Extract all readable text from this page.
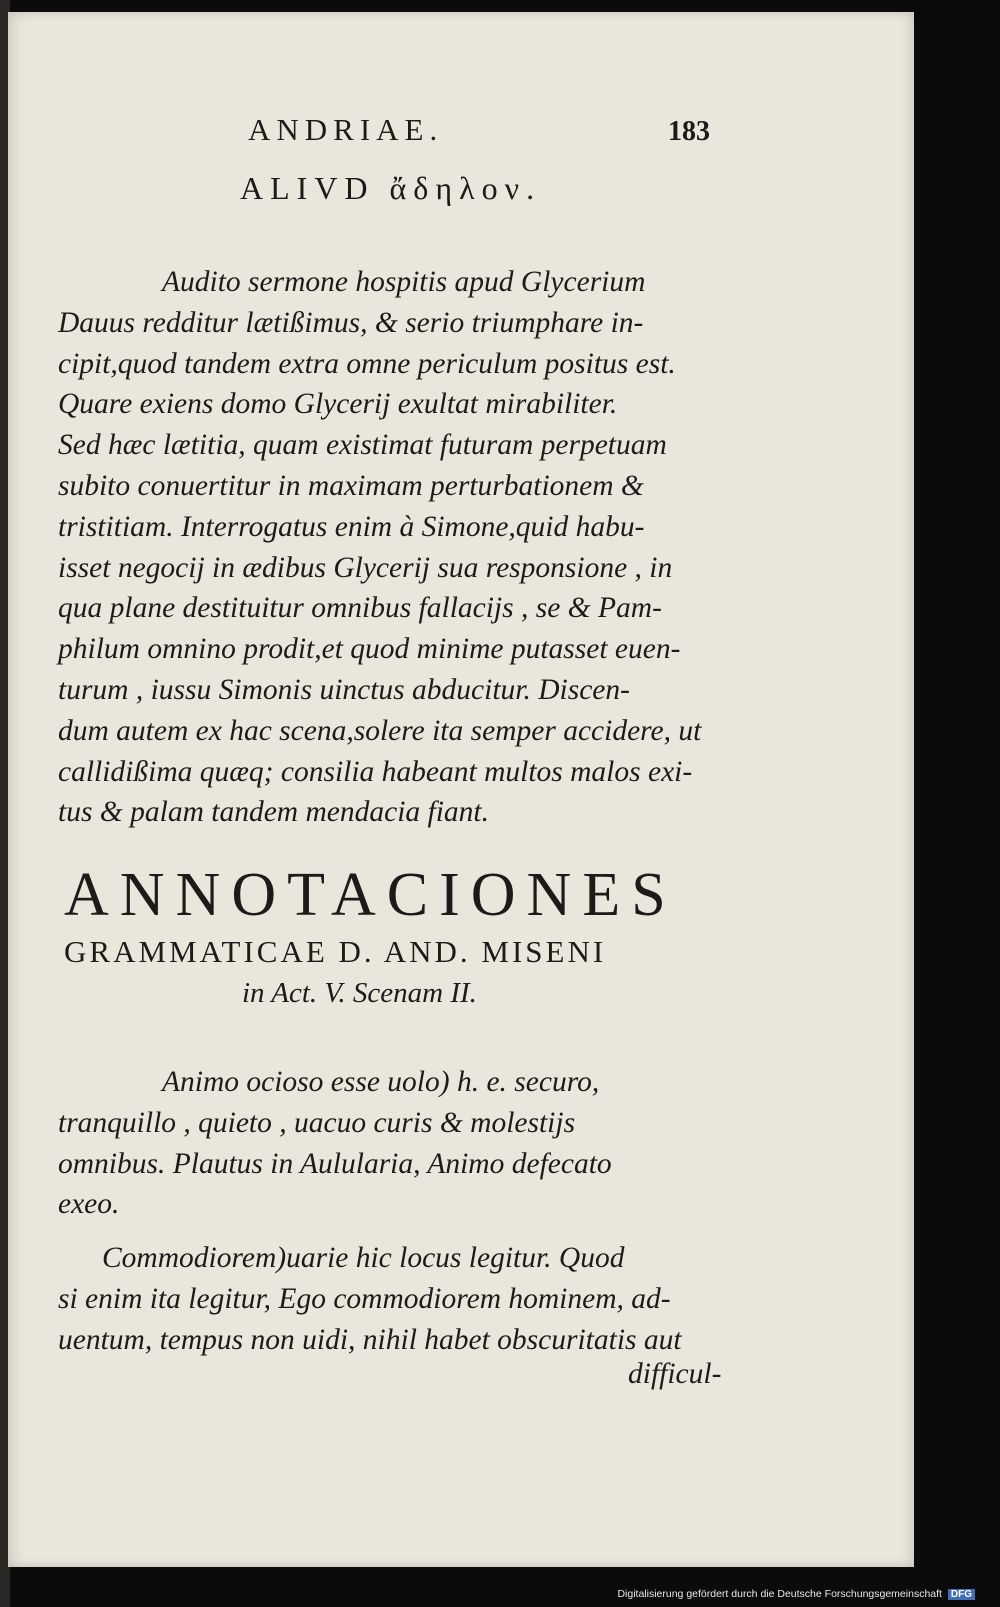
ANDRIAE.	183
ALIVD ἄδηλον.

Audito sermone hospitis apud Glycerium
Dauus redditur lætißimus, & serio triumphare in-
cipit,quod tandem extra omne periculum positus est.
Quare exiens domo Glycerij exultat mirabiliter.
Sed hæc lætitia, quam existimat futuram perpetuam
subito conuertitur in maximam perturbationem &
tristitiam. Interrogatus enim à Simone,quid habu-
isset negocij in ædibus Glycerij sua responsione , in
qua plane destituitur omnibus fallacijs , se & Pam-
philum omnino prodit,et quod minime putasset euen-
turum , iussu Simonis uinctus abducitur. Discen-
dum autem ex hac scena,solere ita semper accidere, ut
callidißima quæq; consilia habeant multos malos exi-
tus & palam tandem mendacia fiant.

ANNOTACIONES
GRAMMATICAE D. AND. MISENI
in Act. V. Scenam II.

Animo ocioso esse uolo) h. e. securo,
tranquillo , quieto , uacuo curis & molestijs
omnibus. Plautus in Aulularia, Animo defecato
exeo.

Commodiorem)uarie hic locus legitur. Quod
si enim ita legitur, Ego commodiorem hominem, ad-
uentum, tempus non uidi, nihil habet obscuritatis aut

difficul-
Digitalisierung gefördert durch die Deutsche Forschungsgemeinschaft DFG
